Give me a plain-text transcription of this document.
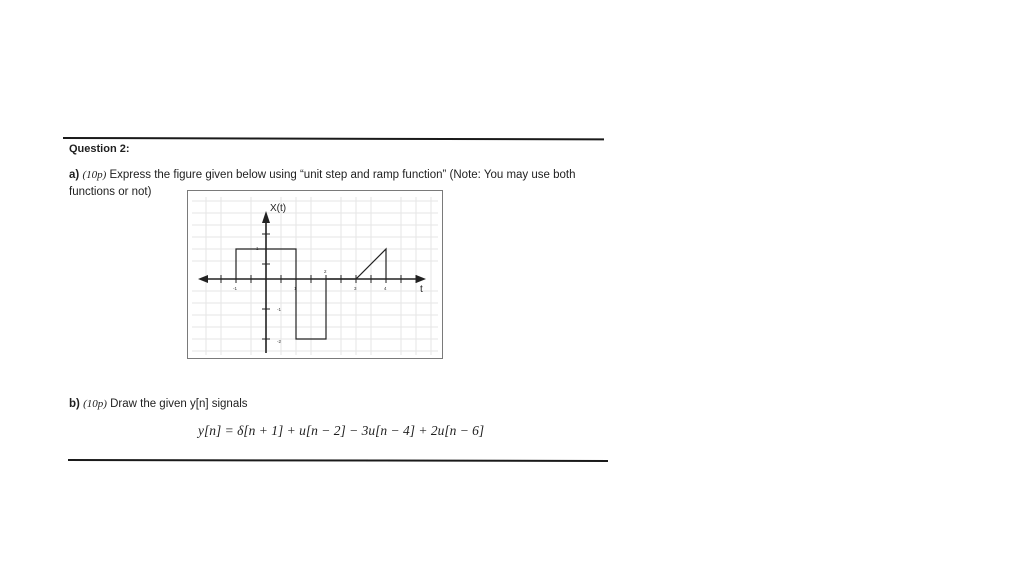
Question 2:
a) (10p) Express the figure given below using “unit step and ramp function” (Note: You may use both
functions or not)
X(t)
t
-1	1
2
3	4
1
-1
-2
b) (10p) Draw the given y[n] signals
y[n] = δ[n + 1] + u[n − 2] − 3u[n − 4] + 2u[n − 6]
